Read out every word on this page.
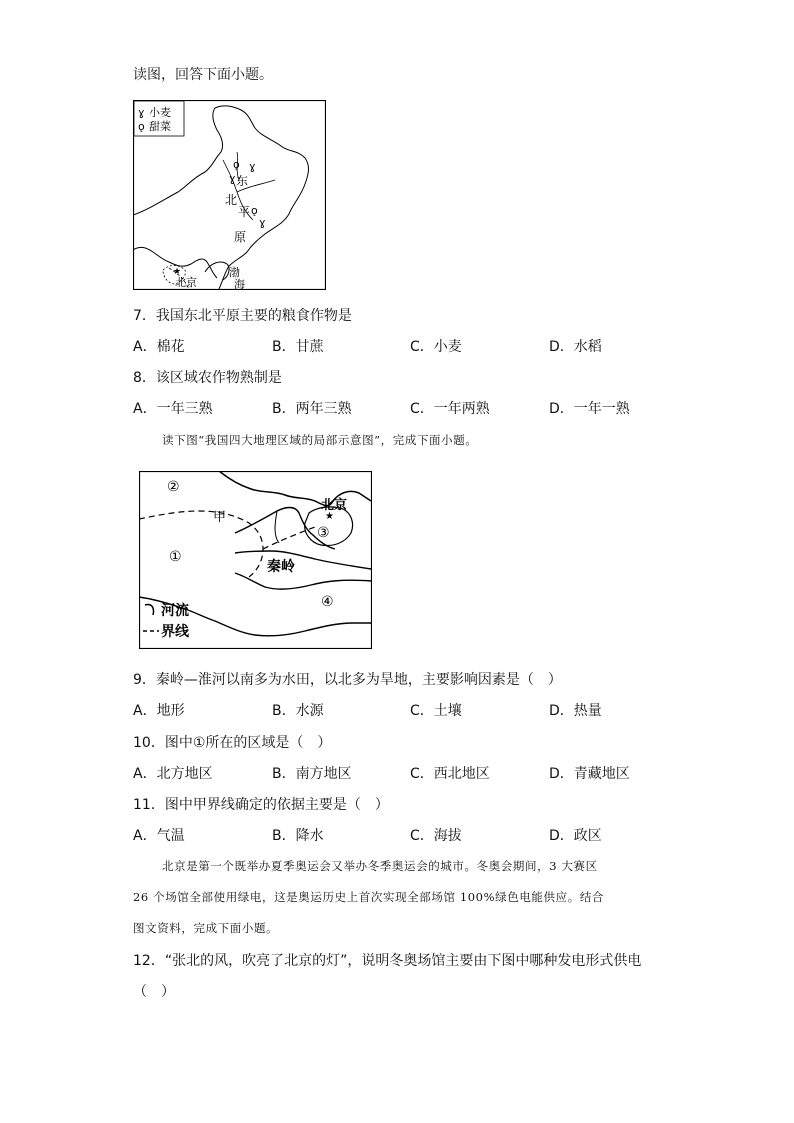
读图，回答下面小题。
ɣ 小麦
ǫ 甜菜
ǫ ɣ
ɣ
ǫ
ɣ
★
东
北
平
原
北京
渤
海
7．我国东北平原主要的粮食作物是
A．棉花	B．甘蔗	C．小麦	D．水稻
8．该区域农作物熟制是
A．一年三熟	B．两年三熟	C．一年两熟	D．一年一熟
读下图“我国四大地理区域的局部示意图”，完成下面小题。
②
甲
①
③
④
北京
★
秦岭
河流
界线
9．秦岭—淮河以南多为水田，以北多为旱地，主要影响因素是（　）
A．地形	B．水源	C．土壤	D．热量
10．图中①所在的区域是（　）
A．北方地区	B．南方地区	C．西北地区	D．青藏地区
11．图中甲界线确定的依据主要是（　）
A．气温	B．降水	C．海拔	D．政区
北京是第一个既举办夏季奥运会又举办冬季奥运会的城市。冬奥会期间，3 大赛区
26 个场馆全部使用绿电，这是奥运历史上首次实现全部场馆 100%绿色电能供应。结合
图文资料，完成下面小题。
12．“张北的风，吹亮了北京的灯”，说明冬奥场馆主要由下图中哪种发电形式供电
（　）
